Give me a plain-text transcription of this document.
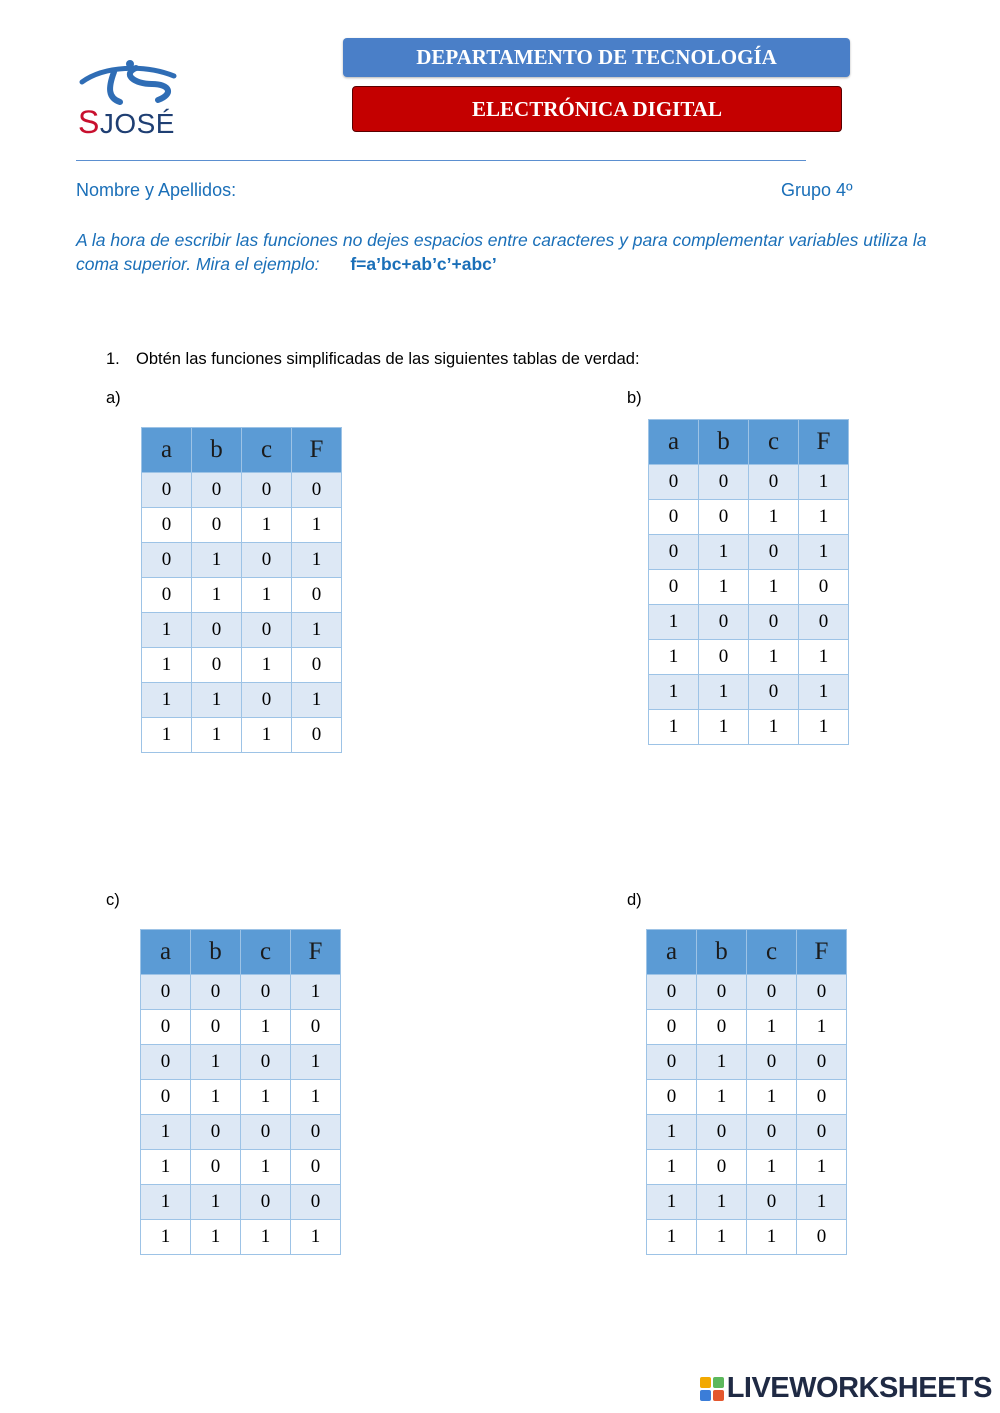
SJOSÉ
DEPARTAMENTO DE TECNOLOGÍA
ELECTRÓNICA DIGITAL
Nombre y Apellidos:	Grupo 4º
A la hora de escribir las funciones no dejes espacios entre caracteres y para complementar variables utiliza la coma superior. Mira el ejemplo: f=a’bc+ab’c’+abc’
1. Obtén las funciones simplificadas de las siguientes tablas de verdad:
a)	b)
c)	d)
a	b	c	F
0	0	0	0
0	0	1	1
0	1	0	1
0	1	1	0
1	0	0	1
1	0	1	0
1	1	0	1
1	1	1	0
a	b	c	F
0	0	0	1
0	0	1	1
0	1	0	1
0	1	1	0
1	0	0	0
1	0	1	1
1	1	0	1
1	1	1	1
a	b	c	F
0	0	0	1
0	0	1	0
0	1	0	1
0	1	1	1
1	0	0	0
1	0	1	0
1	1	0	0
1	1	1	1
a	b	c	F
0	0	0	0
0	0	1	1
0	1	0	0
0	1	1	0
1	0	0	0
1	0	1	1
1	1	0	1
1	1	1	0
LIVEWORKSHEETS
